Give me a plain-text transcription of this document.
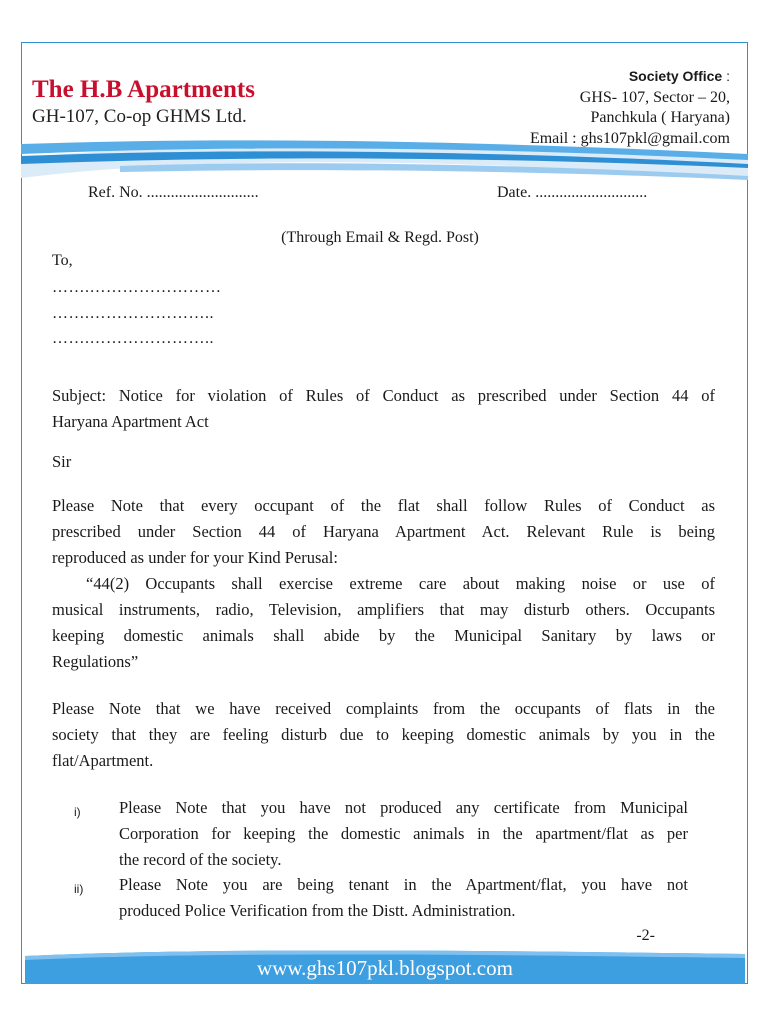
The H.B Apartments
GH-107, Co-op GHMS Ltd.
Society Office :
GHS- 107, Sector – 20,
Panchkula ( Haryana)
Email : ghs107pkl@gmail.com
Ref. No. ............................	Date. ............................
(Through Email & Regd. Post)
To,
…….……………………
…….…………………..
…….…………………..
Subject: Notice for violation of Rules of Conduct as prescribed under Section 44 of
Haryana Apartment Act
Sir
Please Note that every occupant of the flat shall follow Rules of Conduct as
prescribed under Section 44 of Haryana Apartment Act. Relevant Rule is being
reproduced as under for your Kind Perusal:
“44(2) Occupants shall exercise extreme care about making noise or use of
musical instruments, radio, Television, amplifiers that may disturb others. Occupants
keeping domestic animals shall abide by the Municipal Sanitary by laws or
Regulations”
Please Note that we have received complaints from the occupants of flats in the
society that they are feeling disturb due to keeping domestic animals by you in the
flat/Apartment.
i) Please Note that you have not produced any certificate from Municipal
Corporation for keeping the domestic animals in the apartment/flat as per
the record of the society.
ii) Please Note you are being tenant in the Apartment/flat, you have not
produced Police Verification from the Distt. Administration.
-2-
www.ghs107pkl.blogspot.com
